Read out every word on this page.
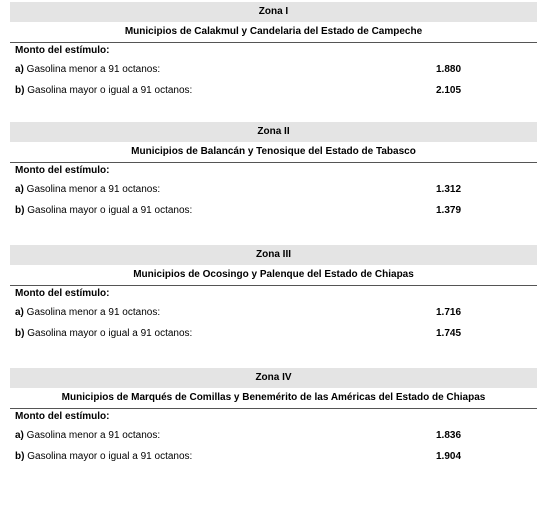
Zona I
Municipios de Calakmul y Candelaria del Estado de Campeche
Monto del estímulo:
a) Gasolina menor a 91 octanos:	1.880
b) Gasolina mayor o igual a 91 octanos:	2.105
Zona II
Municipios de Balancán y Tenosique del Estado de Tabasco
Monto del estímulo:
a) Gasolina menor a 91 octanos:	1.312
b) Gasolina mayor o igual a 91 octanos:	1.379
Zona III
Municipios de Ocosingo y Palenque del Estado de Chiapas
Monto del estímulo:
a) Gasolina menor a 91 octanos:	1.716
b) Gasolina mayor o igual a 91 octanos:	1.745
Zona IV
Municipios de Marqués de Comillas y Benemérito de las Américas del Estado de Chiapas
Monto del estímulo:
a) Gasolina menor a 91 octanos:	1.836
b) Gasolina mayor o igual a 91 octanos:	1.904
